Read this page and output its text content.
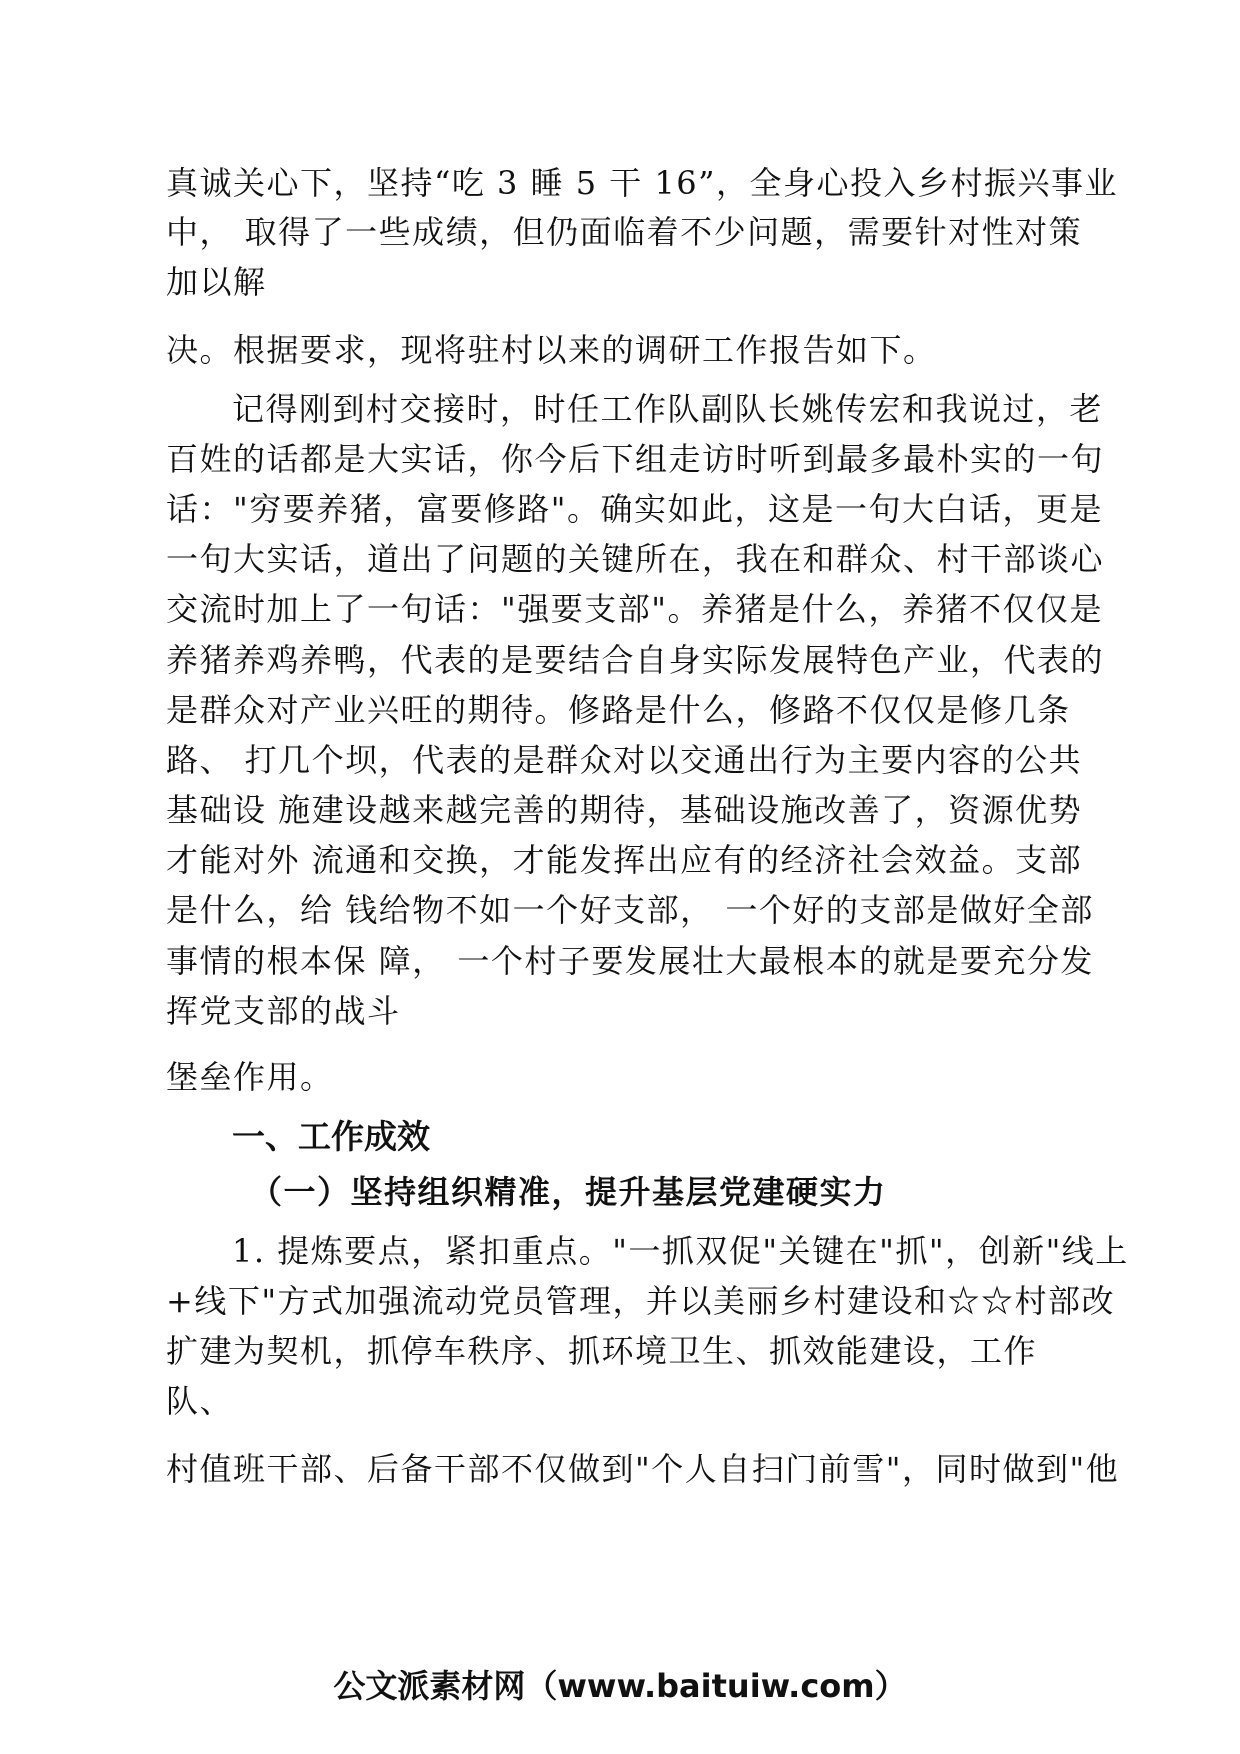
真诚关心下，坚持“吃 3 睡 5 干 16”，全身心投入乡村振兴事业
中， 取得了一些成绩，但仍面临着不少问题，需要针对性对策
加以解
决。根据要求，现将驻村以来的调研工作报告如下。
记得刚到村交接时，时任工作队副队长姚传宏和我说过，老
百姓的话都是大实话，你今后下组走访时听到最多最朴实的一句
话："穷要养猪，富要修路"。确实如此，这是一句大白话，更是
一句大实话，道出了问题的关键所在，我在和群众、村干部谈心
交流时加上了一句话："强要支部"。养猪是什么，养猪不仅仅是
养猪养鸡养鸭，代表的是要结合自身实际发展特色产业，代表的
是群众对产业兴旺的期待。修路是什么，修路不仅仅是修几条
路、 打几个坝，代表的是群众对以交通出行为主要内容的公共
基础设 施建设越来越完善的期待，基础设施改善了，资源优势
才能对外 流通和交换，才能发挥出应有的经济社会效益。支部
是什么，给 钱给物不如一个好支部， 一个好的支部是做好全部
事情的根本保 障， 一个村子要发展壮大最根本的就是要充分发
挥党支部的战斗
堡垒作用。
一、工作成效
（一）坚持组织精准，提升基层党建硬实力
1. 提炼要点，紧扣重点。"一抓双促"关键在"抓"，创新"线上
+线下"方式加强流动党员管理，并以美丽乡村建设和☆☆村部改
扩建为契机，抓停车秩序、抓环境卫生、抓效能建设，工作
队、
村值班干部、后备干部不仅做到"个人自扫门前雪"，同时做到"他
公文派素材网（www.baituiw.com）
